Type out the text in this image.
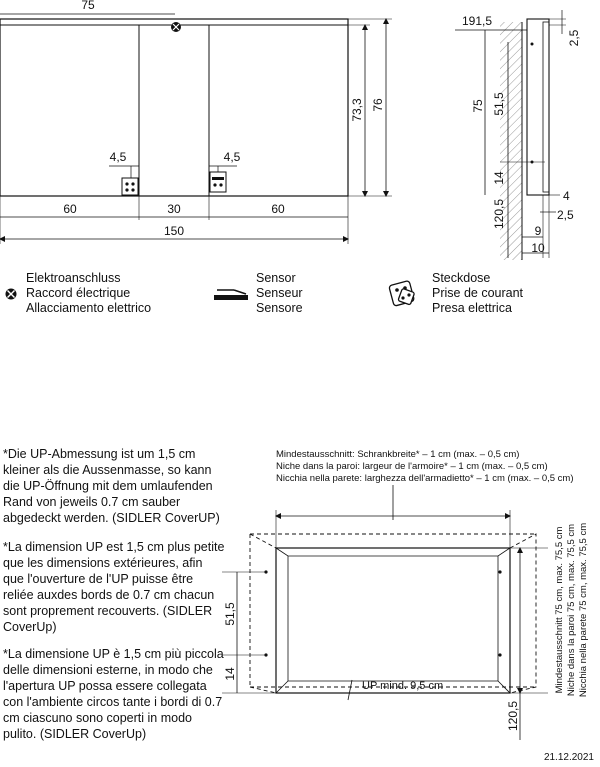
75
4,5	4,5
73,3 76
60	30	60
150
191,5
2,5
75 51,5
14
120,5
4
2,5
9
10
Mindestausschnitt: Schrankbreite* – 1 cm (max. – 0,5 cm)
Niche dans la paroi: largeur de l'armoire* – 1 cm (max. – 0,5 cm)
Nicchia nella parete: larghezza dell'armadietto* – 1 cm (max. – 0,5 cm)
UP mind. 9,5 cm
51,5
14
120,5
Mindestausschnitt 75 cm, max. 75,5 cm Niche dans la paroi 75 cm, max. 75,5 cm Nicchia nella parete 75 cm, max. 75,5 cm
Elektroanschluss
Raccord électrique
Allacciamento elettrico
Sensor
Senseur
Sensore
Steckdose
Prise de courant
Presa elettrica
*Die UP-Abmessung ist um 1,5 cm kleiner als die Aussenmasse, so kann die UP-Öffnung mit dem umlaufenden Rand von jeweils 0.7 cm sauber abgedeckt werden. (SIDLER CoverUP)
*La dimension UP est 1,5 cm plus petite que les dimensions extérieures, afin que l'ouverture de l'UP puisse être reliée auxdes bords de 0.7 cm chacun sont proprement recouverts. (SIDLER CoverUp)
*La dimensione UP è 1,5 cm più piccola delle dimensioni esterne, in modo che l'apertura UP possa essere collegata con l'ambiente circos tante i bordi di 0.7 cm ciascuno sono coperti in modo pulito. (SIDLER CoverUp)
21.12.2021
